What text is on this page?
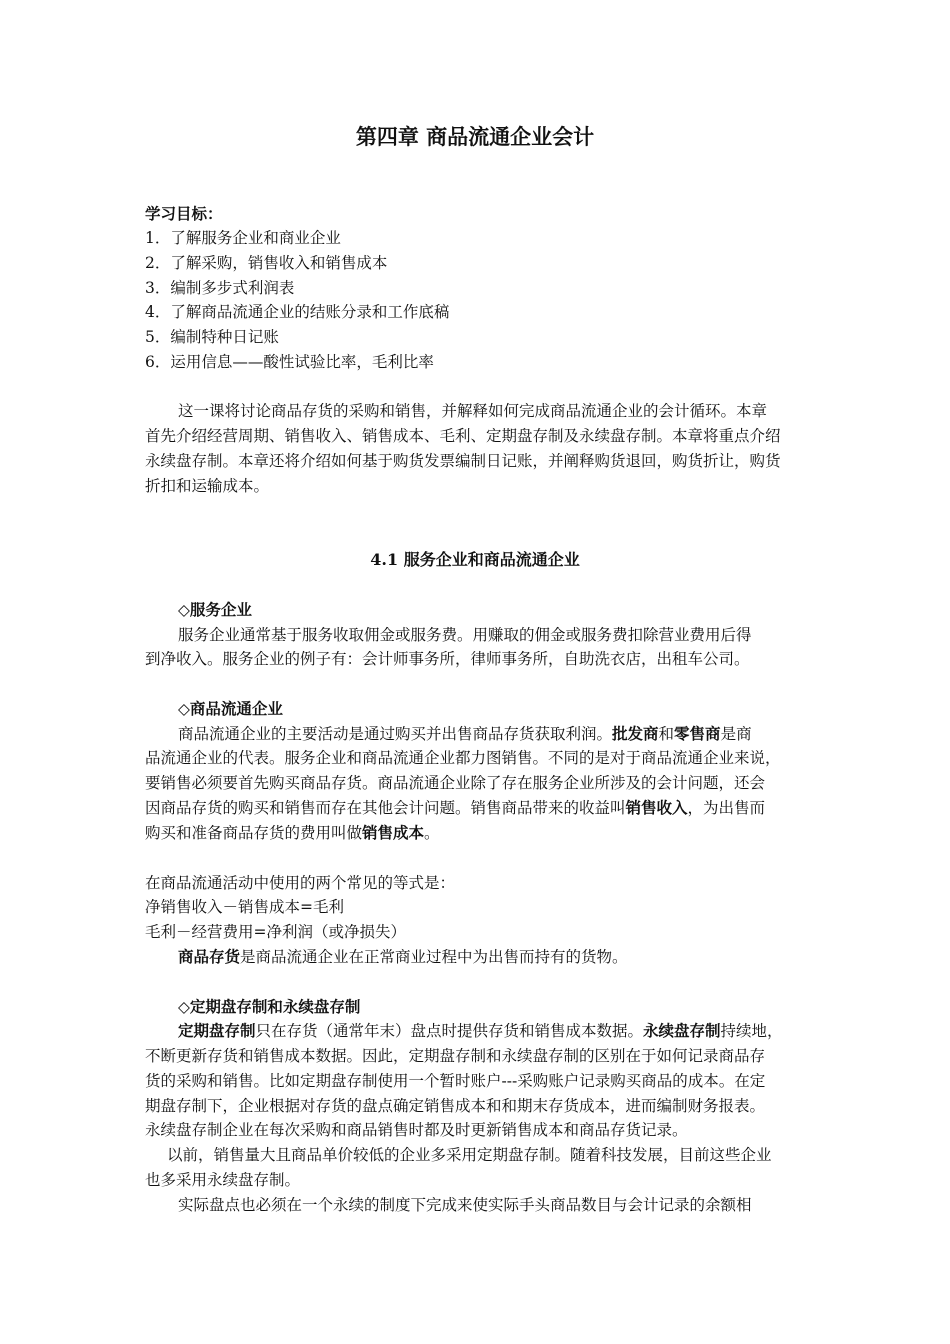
第四章 商品流通企业会计
学习目标：
1．了解服务企业和商业企业
2．了解采购，销售收入和销售成本
3．编制多步式利润表
4．了解商品流通企业的结账分录和工作底稿
5．编制特种日记账
6．运用信息——酸性试验比率，毛利比率
这一课将讨论商品存货的采购和销售，并解释如何完成商品流通企业的会计循环。本章
首先介绍经营周期、销售收入、销售成本、毛利、定期盘存制及永续盘存制。本章将重点介绍
永续盘存制。本章还将介绍如何基于购货发票编制日记账，并阐释购货退回，购货折让，购货
折扣和运输成本。
4.1 服务企业和商品流通企业
◇服务企业
服务企业通常基于服务收取佣金或服务费。用赚取的佣金或服务费扣除营业费用后得
到净收入。服务企业的例子有：会计师事务所，律师事务所，自助洗衣店，出租车公司。
◇商品流通企业
商品流通企业的主要活动是通过购买并出售商品存货获取利润。批发商和零售商是商
品流通企业的代表。服务企业和商品流通企业都力图销售。不同的是对于商品流通企业来说，
要销售必须要首先购买商品存货。商品流通企业除了存在服务企业所涉及的会计问题，还会
因商品存货的购买和销售而存在其他会计问题。销售商品带来的收益叫销售收入，为出售而
购买和准备商品存货的费用叫做销售成本。
在商品流通活动中使用的两个常见的等式是：
净销售收入－销售成本=毛利
毛利－经营费用=净利润（或净损失）
商品存货是商品流通企业在正常商业过程中为出售而持有的货物。
◇定期盘存制和永续盘存制
定期盘存制只在存货（通常年末）盘点时提供存货和销售成本数据。永续盘存制持续地，
不断更新存货和销售成本数据。因此，定期盘存制和永续盘存制的区别在于如何记录商品存
货的采购和销售。比如定期盘存制使用一个暂时账户---采购账户记录购买商品的成本。在定
期盘存制下，企业根据对存货的盘点确定销售成本和和期末存货成本，进而编制财务报表。
永续盘存制企业在每次采购和商品销售时都及时更新销售成本和商品存货记录。
以前，销售量大且商品单价较低的企业多采用定期盘存制。随着科技发展，目前这些企业
也多采用永续盘存制。
实际盘点也必须在一个永续的制度下完成来使实际手头商品数目与会计记录的余额相
